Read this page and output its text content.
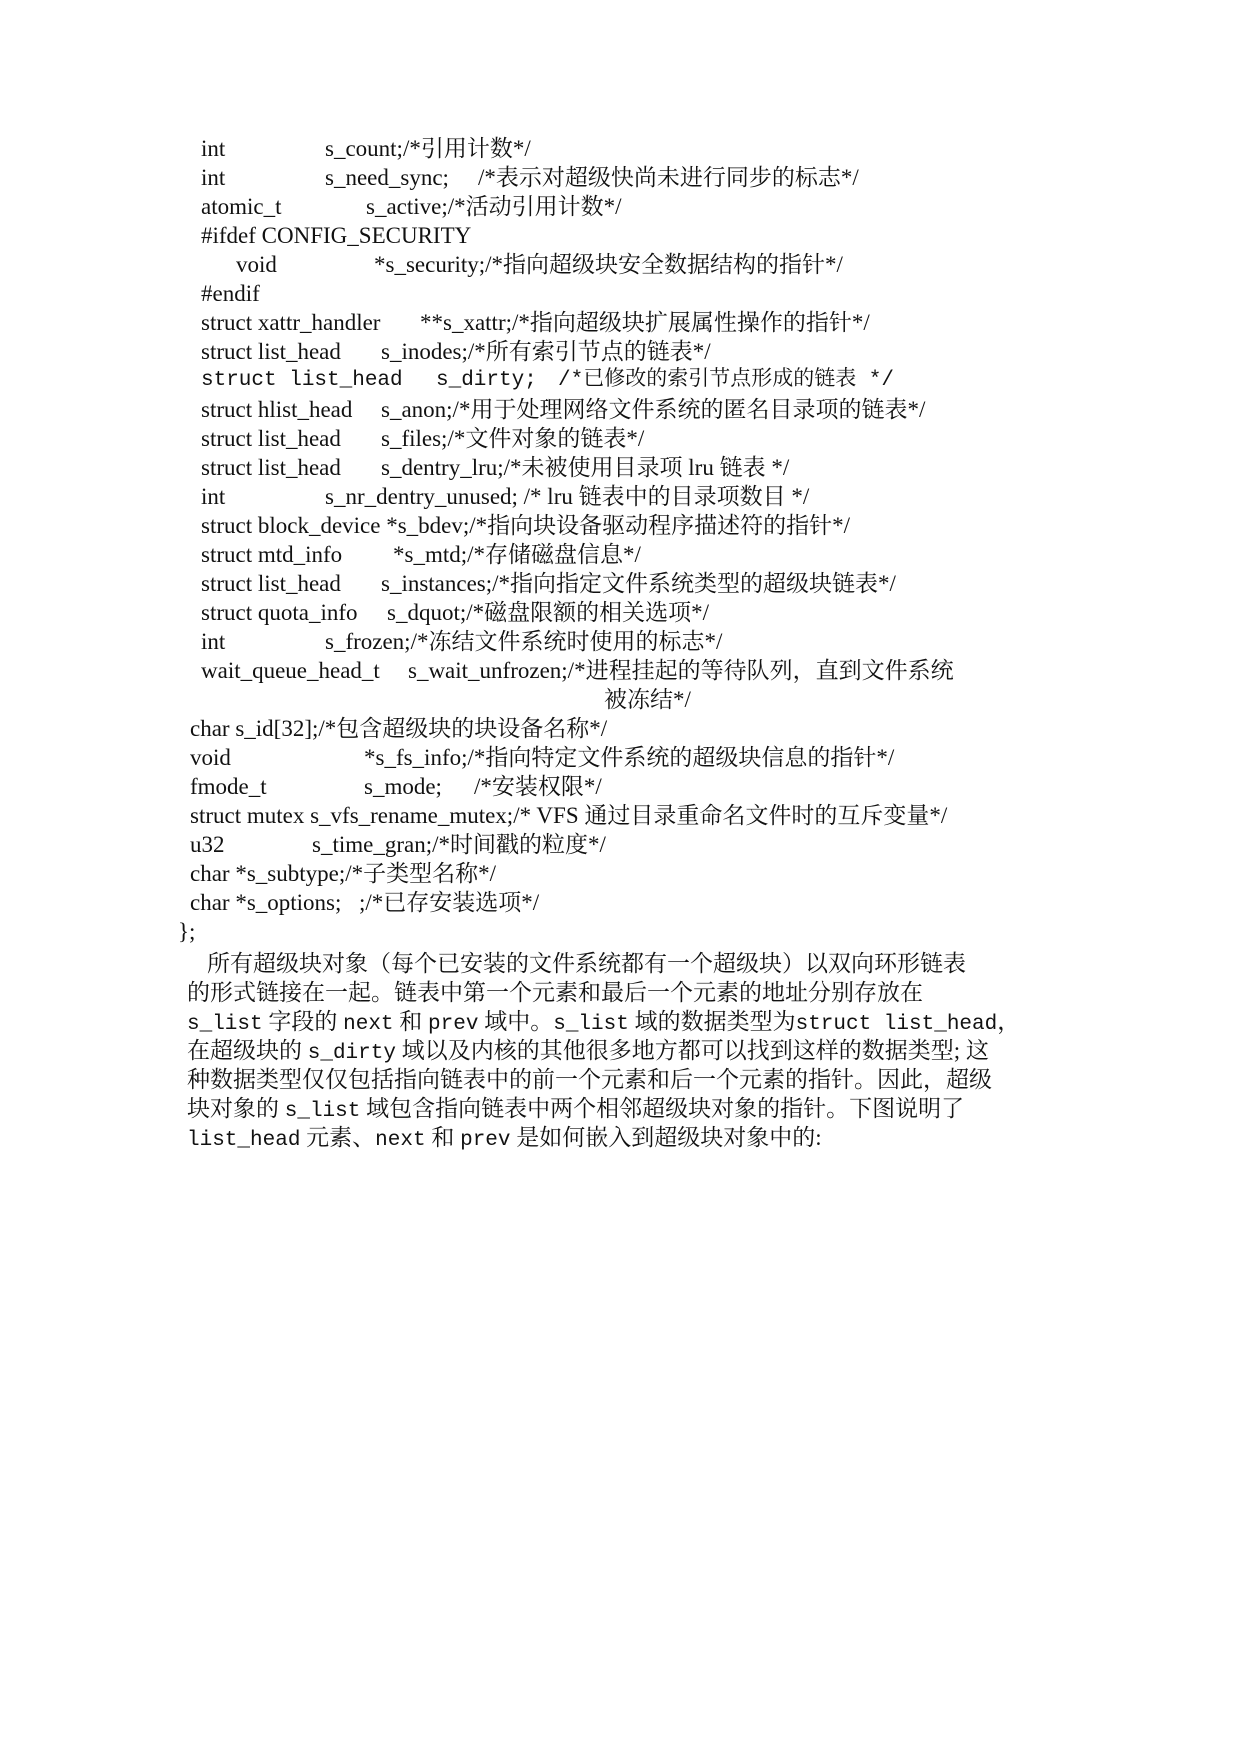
int	s_count;/*引用计数*/
int	s_need_sync; /*表示对超级快尚未进行同步的标志*/
atomic_t	s_active;/*活动引用计数*/
#ifdef CONFIG_SECURITY
void	*s_security;/*指向超级块安全数据结构的指针*/
#endif
struct xattr_handler **s_xattr;/*指向超级块扩展属性操作的指针*/
struct list_head s_inodes;/*所有索引节点的链表*/
struct list_head s_dirty; /*已修改的索引节点形成的链表 */
struct hlist_head s_anon;/*用于处理网络文件系统的匿名目录项的链表*/
struct list_head s_files;/*文件对象的链表*/
struct list_head s_dentry_lru;/*未被使用目录项 lru 链表 */
int	s_nr_dentry_unused; /* lru 链表中的目录项数目 */
struct block_device *s_bdev;/*指向块设备驱动程序描述符的指针*/
struct mtd_info *s_mtd;/*存储磁盘信息*/
struct list_head s_instances;/*指向指定文件系统类型的超级块链表*/
struct quota_info s_dquot;/*磁盘限额的相关选项*/
int	s_frozen;/*冻结文件系统时使用的标志*/
wait_queue_head_t s_wait_unfrozen;/*进程挂起的等待队列，直到文件系统
被冻结*/
char s_id[32];/*包含超级块的块设备名称*/
void	*s_fs_info;/*指向特定文件系统的超级块信息的指针*/
fmode_t	s_mode; /*安装权限*/
struct mutex s_vfs_rename_mutex;/* VFS 通过目录重命名文件时的互斥变量*/
u32	s_time_gran;/*时间戳的粒度*/
char *s_subtype;/*子类型名称*/
char *s_options; ;/*已存安装选项*/
};
所有超级块对象（每个已安装的文件系统都有一个超级块）以双向环形链表
的形式链接在一起。链表中第一个元素和最后一个元素的地址分别存放在
s_list 字段的 next 和 prev 域中。s_list 域的数据类型为struct list_head，
在超级块的 s_dirty 域以及内核的其他很多地方都可以找到这样的数据类型; 这
种数据类型仅仅包括指向链表中的前一个元素和后一个元素的指针。因此，超级
块对象的 s_list 域包含指向链表中两个相邻超级块对象的指针。下图说明了
list_head 元素、next 和 prev 是如何嵌入到超级块对象中的:
